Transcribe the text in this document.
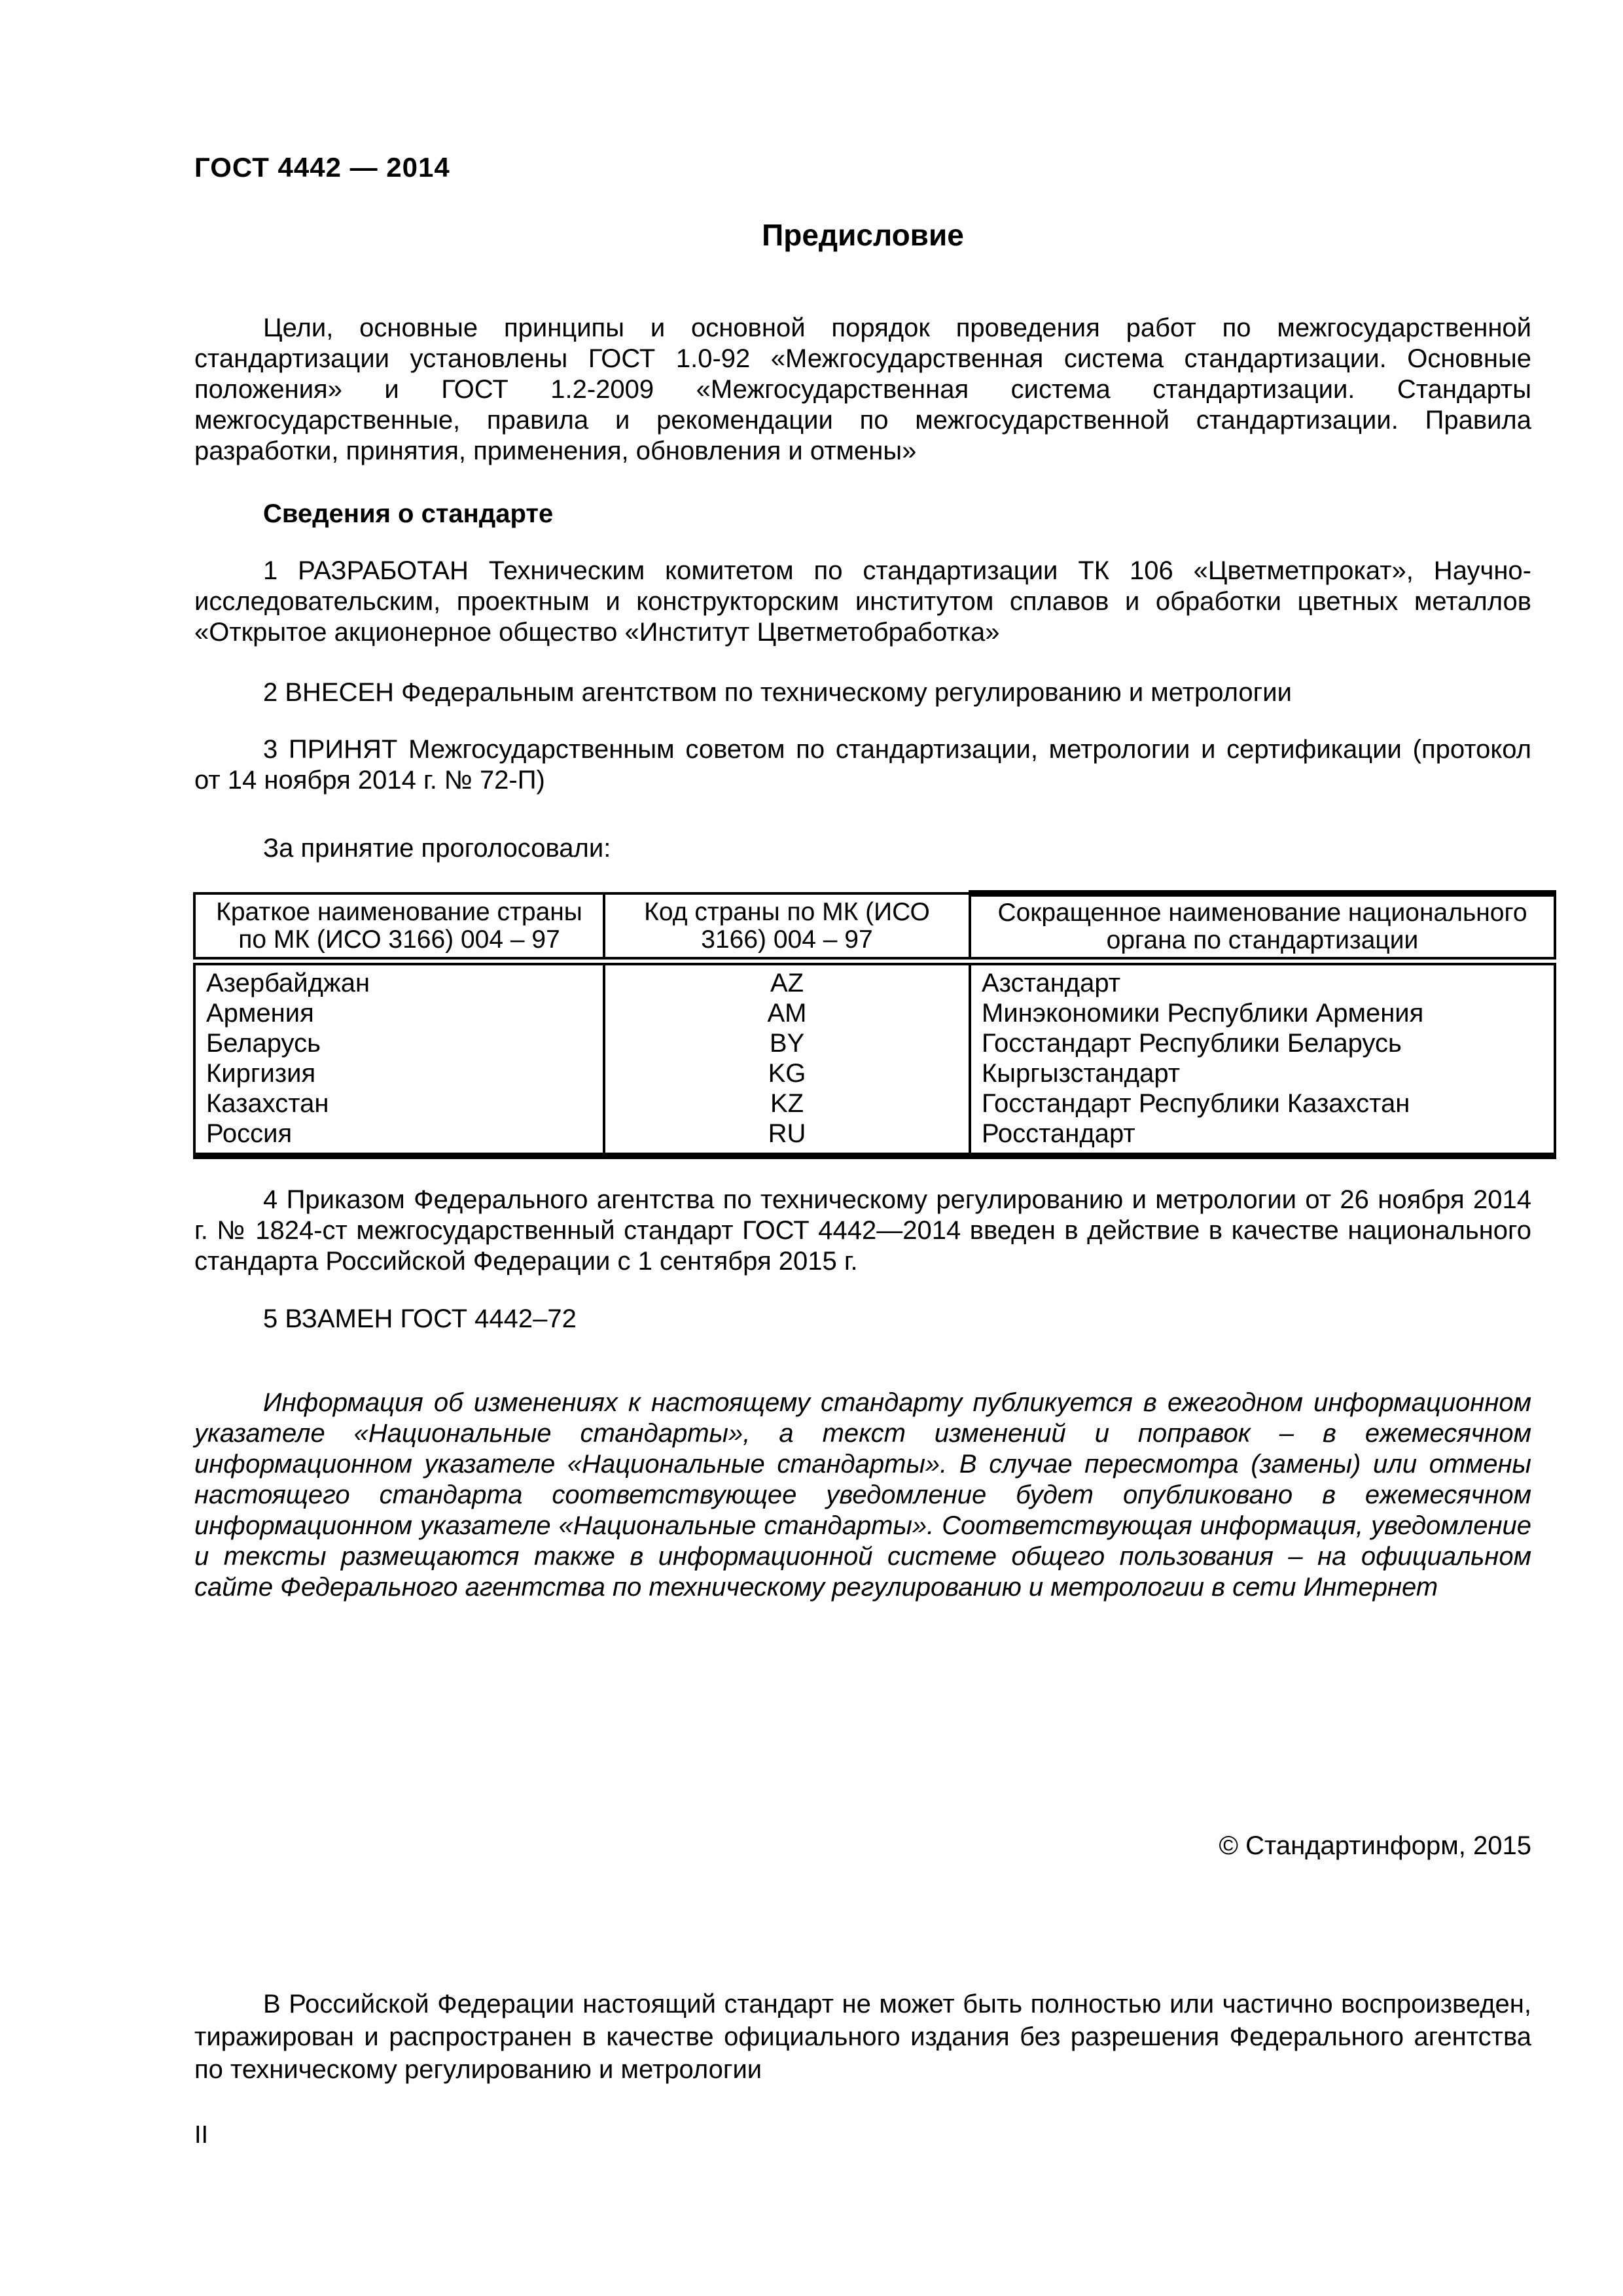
ГОСТ 4442 — 2014
Предисловие

Цели, основные принципы и основной порядок проведения работ по межгосударственной стандартизации установлены ГОСТ 1.0-92 «Межгосударственная система стандартизации. Основные положения» и ГОСТ 1.2-2009 «Межгосударственная система стандартизации. Стандарты межгосударственные, правила и рекомендации по межгосударственной стандартизации. Правила разработки, принятия, применения, обновления и отмены»

Сведения о стандарте

1 РАЗРАБОТАН Техническим комитетом по стандартизации ТК 106 «Цветметпрокат», Научно-исследовательским, проектным и конструкторским институтом сплавов и обработки цветных металлов «Открытое акционерное общество «Институт Цветметобработка»

2 ВНЕСЕН Федеральным агентством по техническому регулированию и метрологии

3 ПРИНЯТ Межгосударственным советом по стандартизации, метрологии и сертификации (протокол от 14 ноября 2014 г. № 72-П)

За принятие проголосовали:

Краткое наименование страны по МК (ИСО 3166) 004 – 97	Код страны по МК (ИСО 3166) 004 – 97	Сокращенное наименование национального органа по стандартизации
Азербайджан	AZ	Азстандарт
Армения	AM	Минэкономики Республики Армения
Беларусь	BY	Госстандарт Республики Беларусь
Киргизия	KG	Кыргызстандарт
Казахстан	KZ	Госстандарт Республики Казахстан
Россия	RU	Росстандарт

4 Приказом Федерального агентства по техническому регулированию и метрологии от 26 ноября 2014 г. № 1824-ст межгосударственный стандарт ГОСТ 4442—2014 введен в действие в качестве национального стандарта Российской Федерации с 1 сентября 2015 г.

5 ВЗАМЕН ГОСТ 4442–72

Информация об изменениях к настоящему стандарту публикуется в ежегодном информационном указателе «Национальные стандарты», а текст изменений и поправок – в ежемесячном информационном указателе «Национальные стандарты». В случае пересмотра (замены) или отмены настоящего стандарта соответствующее уведомление будет опубликовано в ежемесячном информационном указателе «Национальные стандарты». Соответствующая информация, уведомление и тексты размещаются также в информационной системе общего пользования – на официальном сайте Федерального агентства по техническому регулированию и метрологии в сети Интернет

© Стандартинформ, 2015

В Российской Федерации настоящий стандарт не может быть полностью или частично воспроизведен, тиражирован и распространен в качестве официального издания без разрешения Федерального агентства по техническому регулированию и метрологии

II
